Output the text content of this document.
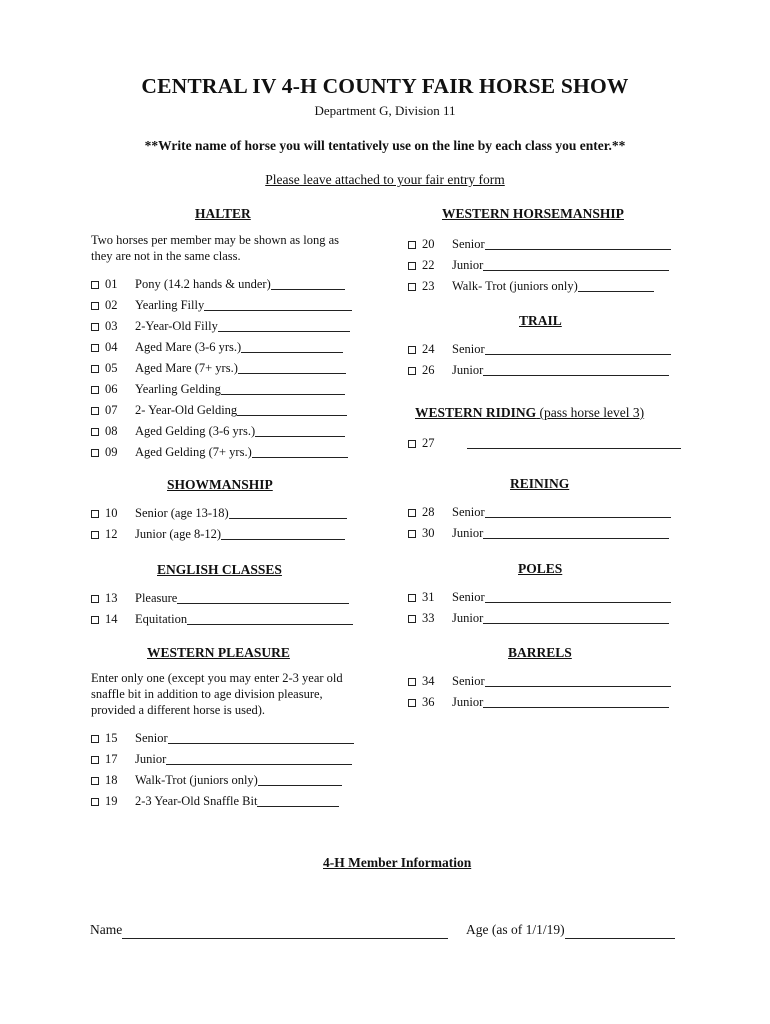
CENTRAL IV 4-H COUNTY FAIR HORSE SHOW
Department G, Division 11
**Write name of horse you will tentatively use on the line by each class you enter.**
Please leave attached to your fair entry form
HALTER
Two horses per member may be shown as long as they are not in the same class.
01	Pony (14.2 hands & under)
02	Yearling Filly
03	2-Year-Old Filly
04	Aged Mare (3-6 yrs.)
05	Aged Mare (7+ yrs.)
06	Yearling Gelding
07	2- Year-Old Gelding
08	Aged Gelding (3-6 yrs.)
09	Aged Gelding (7+ yrs.)
SHOWMANSHIP
10	Senior (age 13-18)
12	Junior (age 8-12)
ENGLISH CLASSES
13	Pleasure
14	Equitation
WESTERN PLEASURE
Enter only one (except you may enter 2-3 year old snaffle bit in addition to age division pleasure, provided a different horse is used).
15	Senior
17	Junior
18	Walk-Trot (juniors only)
19	2-3 Year-Old Snaffle Bit
WESTERN HORSEMANSHIP
20	Senior
22	Junior
23	Walk- Trot (juniors only)
TRAIL
24	Senior
26	Junior
WESTERN RIDING (pass horse level 3)
27
REINING
28	Senior
30	Junior
POLES
31	Senior
33	Junior
BARRELS
34	Senior
36	Junior
4-H Member Information
Name	Age (as of 1/1/19)
